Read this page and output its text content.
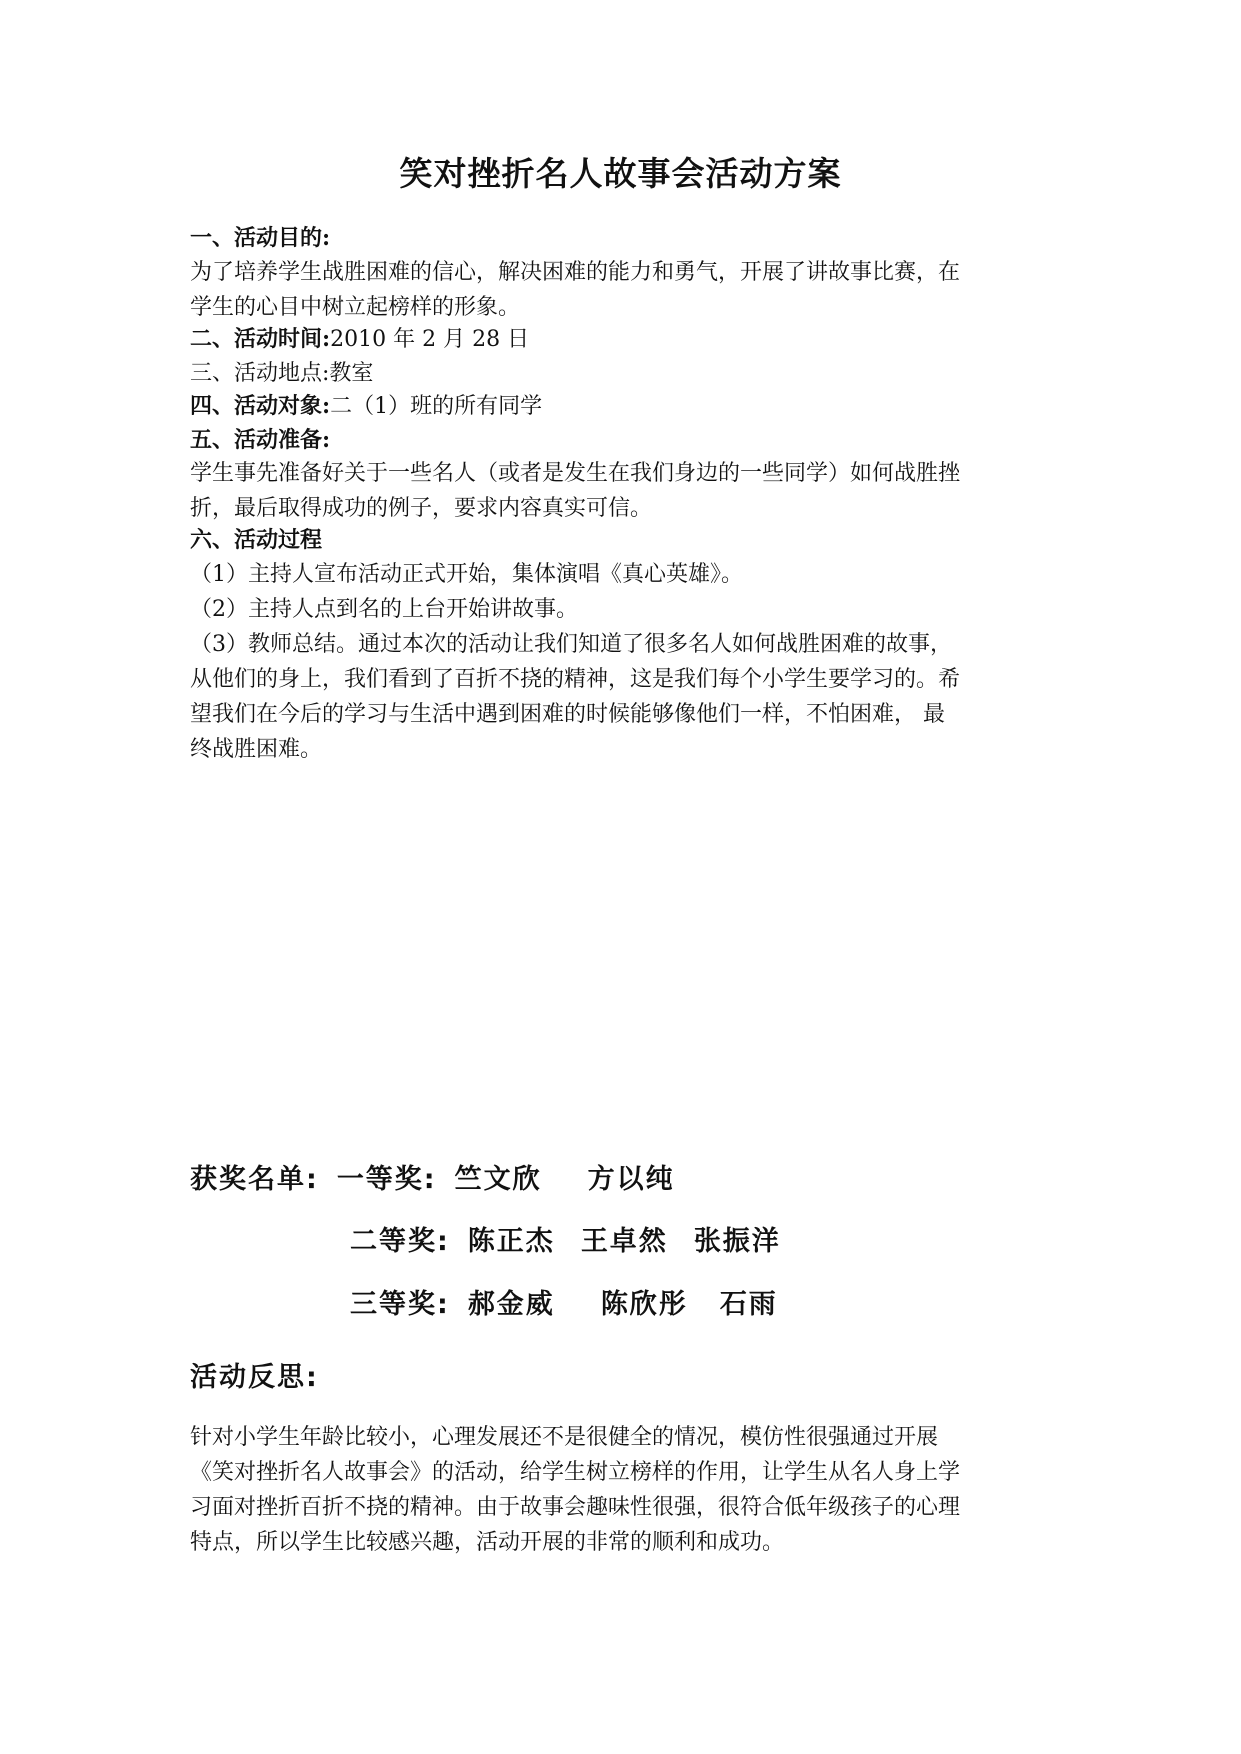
笑对挫折名人故事会活动方案
一、活动目的:
为了培养学生战胜困难的信心，解决困难的能力和勇气，开展了讲故事比赛，在
学生的心目中树立起榜样的形象。
二、活动时间:2010 年 2 月 28 日
三、活动地点:教室
四、活动对象:二（1）班的所有同学
五、活动准备:
学生事先准备好关于一些名人（或者是发生在我们身边的一些同学）如何战胜挫
折，最后取得成功的例子，要求内容真实可信。
六、活动过程
（1）主持人宣布活动正式开始，集体演唱《真心英雄》。
（2）主持人点到名的上台开始讲故事。
（3）教师总结。通过本次的活动让我们知道了很多名人如何战胜困难的故事，
从他们的身上，我们看到了百折不挠的精神，这是我们每个小学生要学习的。希
望我们在今后的学习与生活中遇到困难的时候能够像他们一样，不怕困难， 最
终战胜困难。
获奖名单: 一等奖: 竺文欣 方以纯
二等奖: 陈正杰 王卓然 张振洋
三等奖: 郝金威 陈欣彤 石雨
活动反思:
针对小学生年龄比较小，心理发展还不是很健全的情况，模仿性很强通过开展
《笑对挫折名人故事会》的活动，给学生树立榜样的作用，让学生从名人身上学
习面对挫折百折不挠的精神。由于故事会趣味性很强，很符合低年级孩子的心理
特点，所以学生比较感兴趣，活动开展的非常的顺利和成功。
